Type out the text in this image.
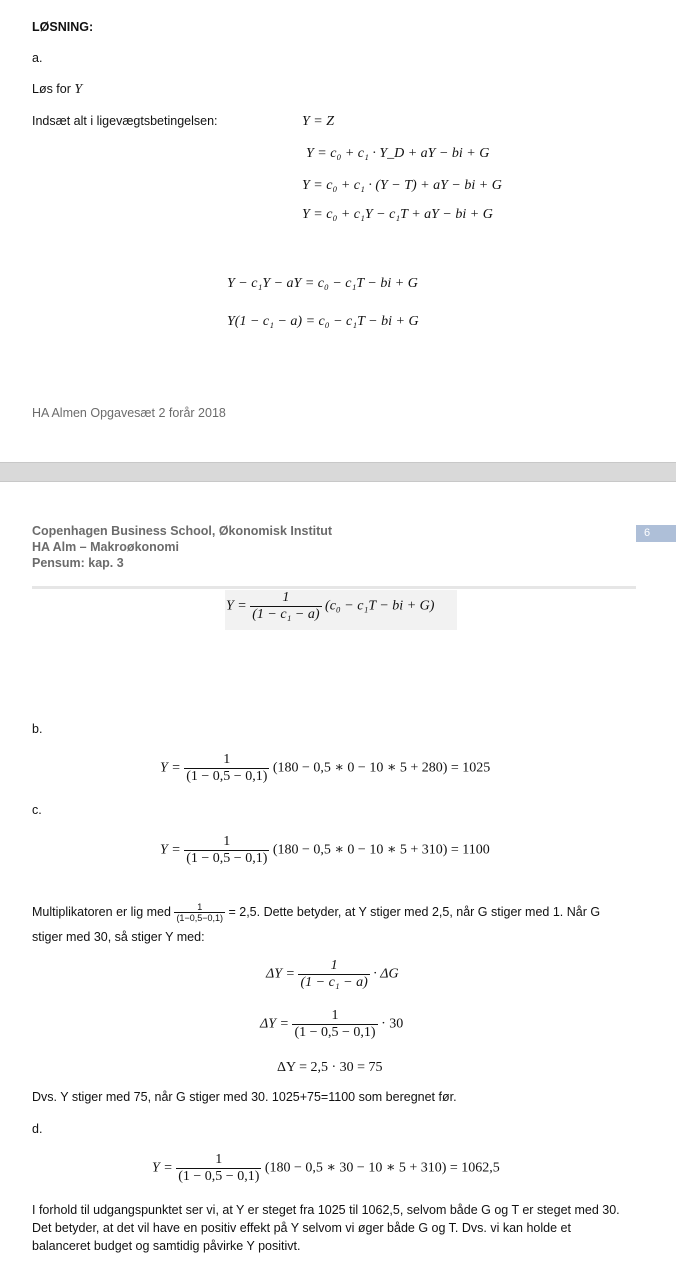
LØSNING:
a.
Løs for Y
Indsæt alt i ligevægtsbetingelsen:	Y = Z
Y = c₀ + c₁ · Y_D + aY − bi + G
Y = c₀ + c₁ · (Y − T) + aY − bi + G
Y = c₀ + c₁Y − c₁T + aY − bi + G
Y − c₁Y − aY = c₀ − c₁T − bi + G
Y(1 − c₁ − a) = c₀ − c₁T − bi + G
HA Almen Opgavesæt 2 forår 2018
Copenhagen Business School, Økonomisk Institut
HA Alm – Makroøkonomi
Pensum: kap. 3
6
$Y = \frac{1}{\text{(1 − c₁ − a)}} (c_0 - c_1T$ − bi + G)
b.
$Y = \frac{1}{(1 - 0,5 - 0,1)} (180 - 0,5$ ∗ 0 − 10 ∗ 5 + 280) = 1025
c.
$Y = \frac{1}{(1 - 0,5 - 0,1)} (180 - 0,5$ ∗ 0 − 10 ∗ 5 + 310) = 1100
Multiplikatoren er lig med $\frac{1}{(1-0,5-0,1)} = 2,5$. Dette betyder, at Y stiger med 2,5, når G stiger med 1. Når G
stiger med 30, så stiger Y med:
$\Delta Y = \frac{1}{\text{(1 − c₁ − a)}} \cdot \Delta G$
$\Delta Y = \frac{1}{(1 - 0,5 - 0,1)} \cdot 30$
ΔY = 2,5 · 30 = 75
Dvs. Y stiger med 75, når G stiger med 30. 1025+75=1100 som beregnet før.
d.
$Y = \frac{1}{(1 - 0,5 - 0,1)} (180 - 0,5$ ∗ 30 − 10 ∗ 5 + 310) = 1062,5
I forhold til udgangspunktet ser vi, at Y er steget fra 1025 til 1062,5, selvom både G og T er steget med 30. Det betyder, at det vil have en positiv effekt på Y selvom vi øger både G og T. Dvs. vi kan holde et balanceret budget og samtidig påvirke Y positivt.
